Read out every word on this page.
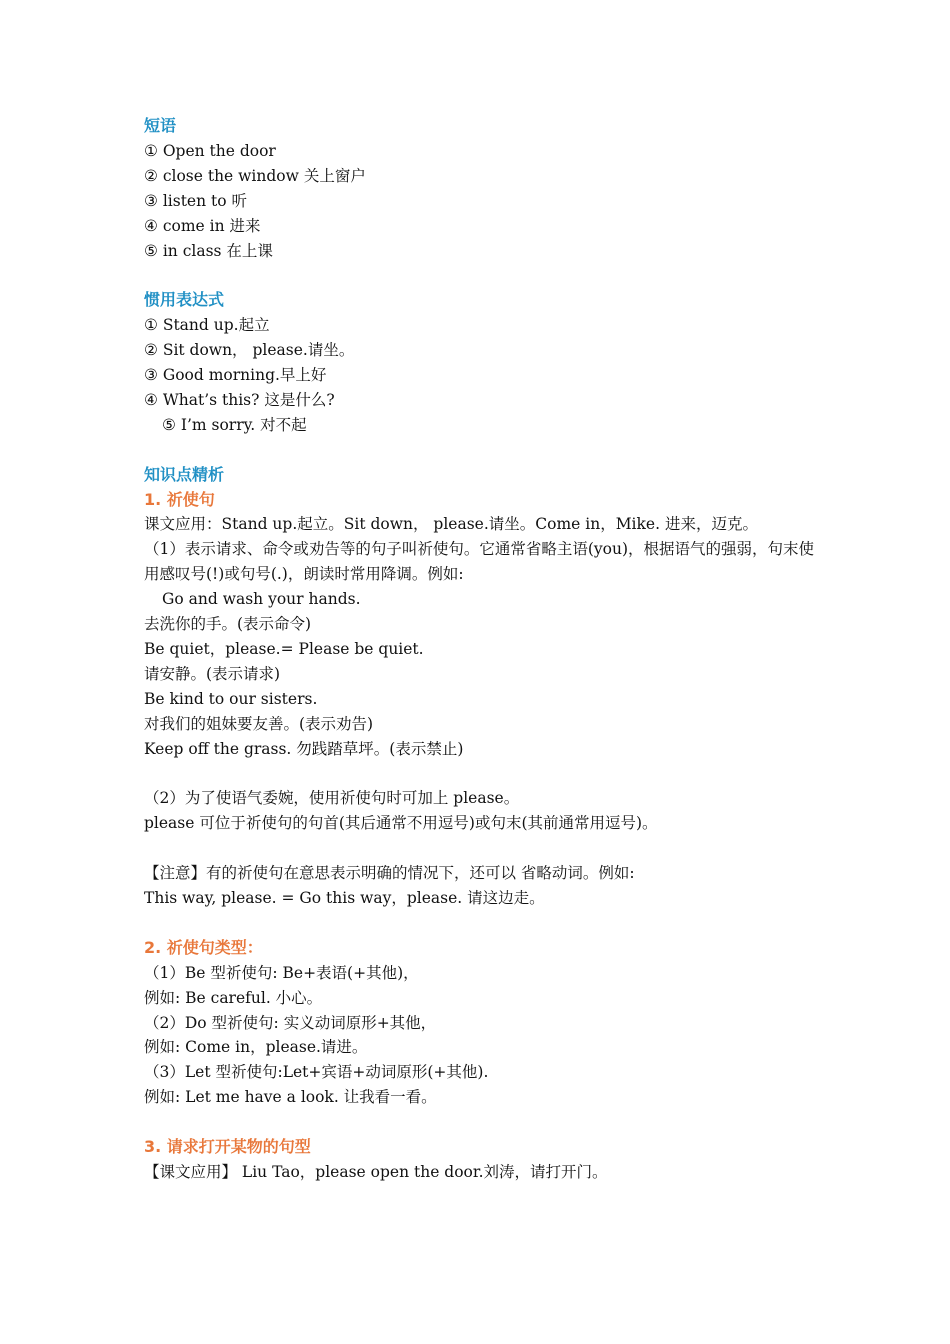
短语
① Open the door
② close the window 关上窗户
③ listen to 听
④ come in 进来
⑤ in class 在上课
惯用表达式
① Stand up.起立
② Sit down， please.请坐。
③ Good morning.早上好
④ What’s this? 这是什么?
⑤ I’m sorry. 对不起
知识点精析
1. 祈使句
课文应用：Stand up.起立。Sit down， please.请坐。Come in，Mike. 进来，迈克。
（1）表示请求、命令或劝告等的句子叫祈使句。它通常省略主语(you)，根据语气的强弱，句末使用感叹号(!)或句号(.)，朗读时常用降调。例如:
Go and wash your hands.
去洗你的手。(表示命令)
Be quiet，please.= Please be quiet.
请安静。(表示请求)
Be kind to our sisters.
对我们的姐妹要友善。(表示劝告)
Keep off the grass. 勿践踏草坪。(表示禁止)
（2）为了使语气委婉，使用祈使句时可加上 please。
please 可位于祈使句的句首(其后通常不用逗号)或句末(其前通常用逗号)。
【注意】有的祈使句在意思表示明确的情况下，还可以 省略动词。例如:
This way, please. = Go this way，please. 请这边走。
2. 祈使句类型：
（1）Be 型祈使句: Be+表语(+其他)，
例如: Be careful. 小心。
（2）Do 型祈使句: 实义动词原形+其他，
例如: Come in，please.请进。
（3）Let 型祈使句:Let+宾语+动词原形(+其他).
例如: Let me have a look. 让我看一看。
3. 请求打开某物的句型
【课文应用】 Liu Tao，please open the door.刘涛，请打开门。
